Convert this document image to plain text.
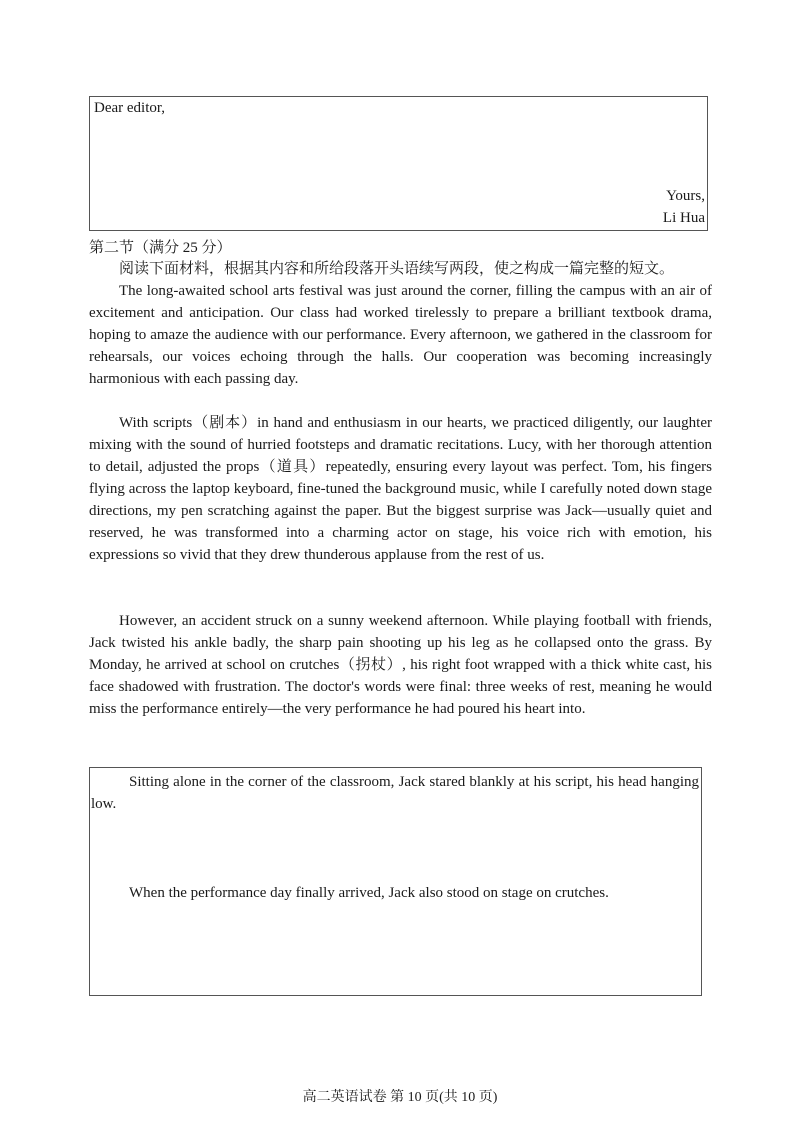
Dear editor,
Yours,
Li Hua
第二节（满分 25 分）
阅读下面材料，根据其内容和所给段落开头语续写两段，使之构成一篇完整的短文。

The long-awaited school arts festival was just around the corner, filling the campus with an air of excitement and anticipation. Our class had worked tirelessly to prepare a brilliant textbook drama, hoping to amaze the audience with our performance. Every afternoon, we gathered in the classroom for rehearsals, our voices echoing through the halls. Our cooperation was becoming increasingly harmonious with each passing day.

With scripts（剧本）in hand and enthusiasm in our hearts, we practiced diligently, our laughter mixing with the sound of hurried footsteps and dramatic recitations. Lucy, with her thorough attention to detail, adjusted the props（道具）repeatedly, ensuring every layout was perfect. Tom, his fingers flying across the laptop keyboard, fine-tuned the background music, while I carefully noted down stage directions, my pen scratching against the paper. But the biggest surprise was Jack—usually quiet and reserved, he was transformed into a charming actor on stage, his voice rich with emotion, his expressions so vivid that they drew thunderous applause from the rest of us.

However, an accident struck on a sunny weekend afternoon. While playing football with friends, Jack twisted his ankle badly, the sharp pain shooting up his leg as he collapsed onto the grass. By Monday, he arrived at school on crutches（拐杖）, his right foot wrapped with a thick white cast, his face shadowed with frustration. The doctor's words were final: three weeks of rest, meaning he would miss the performance entirely—the very performance he had poured his heart into.

Sitting alone in the corner of the classroom, Jack stared blankly at his script, his head hanging low.

When the performance day finally arrived, Jack also stood on stage on crutches.

高二英语试卷 第 10 页(共 10 页)
